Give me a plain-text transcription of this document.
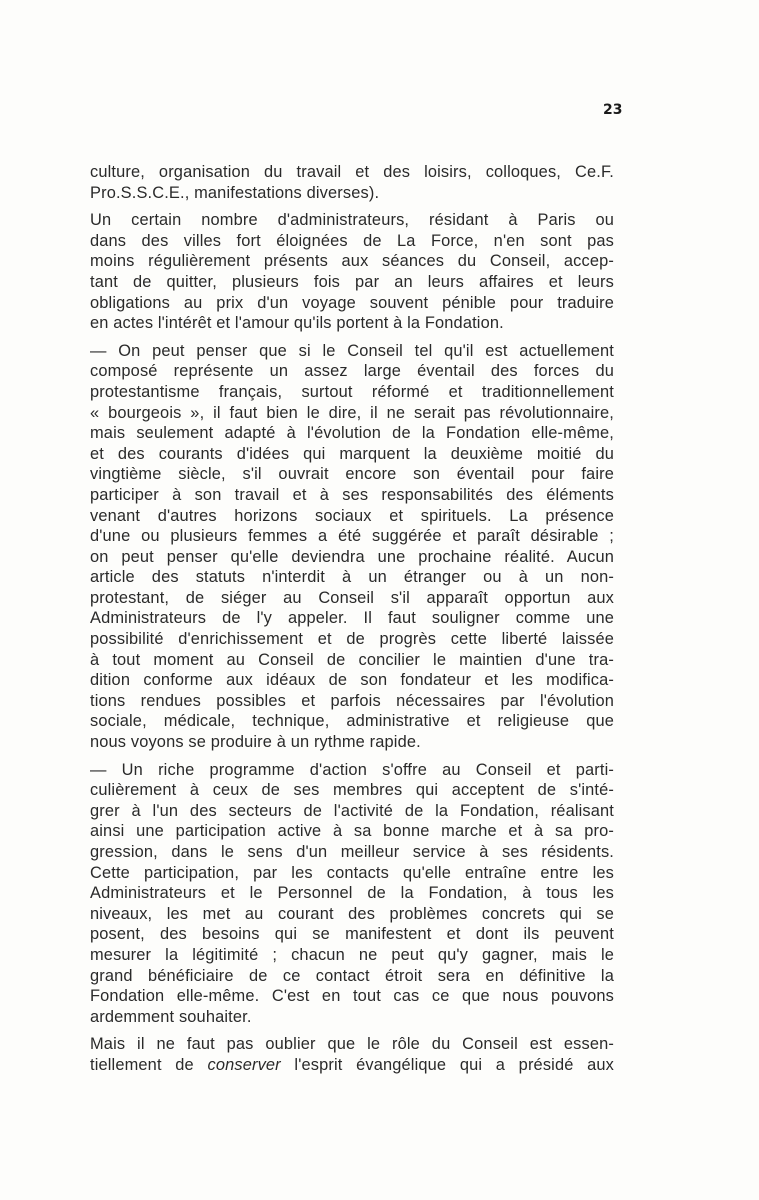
23
culture, organisation du travail et des loisirs, colloques, Ce.F.
Pro.S.S.C.E., manifestations diverses).
Un certain nombre d'administrateurs, résidant à Paris ou
dans des villes fort éloignées de La Force, n'en sont pas
moins régulièrement présents aux séances du Conseil, accep-
tant de quitter, plusieurs fois par an leurs affaires et leurs
obligations au prix d'un voyage souvent pénible pour traduire
en actes l'intérêt et l'amour qu'ils portent à la Fondation.
— On peut penser que si le Conseil tel qu'il est actuellement
composé représente un assez large éventail des forces du
protestantisme français, surtout réformé et traditionnellement
« bourgeois », il faut bien le dire, il ne serait pas révolutionnaire,
mais seulement adapté à l'évolution de la Fondation elle-même,
et des courants d'idées qui marquent la deuxième moitié du
vingtième siècle, s'il ouvrait encore son éventail pour faire
participer à son travail et à ses responsabilités des éléments
venant d'autres horizons sociaux et spirituels. La présence
d'une ou plusieurs femmes a été suggérée et paraît désirable ;
on peut penser qu'elle deviendra une prochaine réalité. Aucun
article des statuts n'interdit à un étranger ou à un non-
protestant, de siéger au Conseil s'il apparaît opportun aux
Administrateurs de l'y appeler. Il faut souligner comme une
possibilité d'enrichissement et de progrès cette liberté laissée
à tout moment au Conseil de concilier le maintien d'une tra-
dition conforme aux idéaux de son fondateur et les modifica-
tions rendues possibles et parfois nécessaires par l'évolution
sociale, médicale, technique, administrative et religieuse que
nous voyons se produire à un rythme rapide.
— Un riche programme d'action s'offre au Conseil et parti-
culièrement à ceux de ses membres qui acceptent de s'inté-
grer à l'un des secteurs de l'activité de la Fondation, réalisant
ainsi une participation active à sa bonne marche et à sa pro-
gression, dans le sens d'un meilleur service à ses résidents.
Cette participation, par les contacts qu'elle entraîne entre les
Administrateurs et le Personnel de la Fondation, à tous les
niveaux, les met au courant des problèmes concrets qui se
posent, des besoins qui se manifestent et dont ils peuvent
mesurer la légitimité ; chacun ne peut qu'y gagner, mais le
grand bénéficiaire de ce contact étroit sera en définitive la
Fondation elle-même. C'est en tout cas ce que nous pouvons
ardemment souhaiter.
Mais il ne faut pas oublier que le rôle du Conseil est essen-
tiellement de conserver l'esprit évangélique qui a présidé aux
